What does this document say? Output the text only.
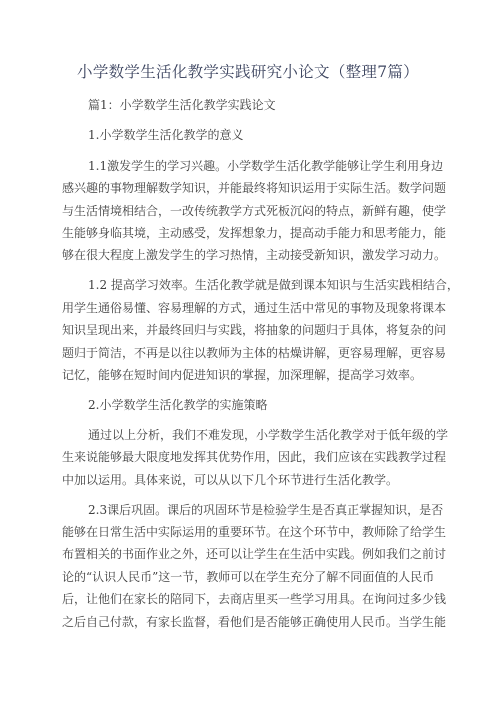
小学数学生活化教学实践研究小论文（整理7篇）
篇1：小学数学生活化教学实践论文
1.小学数学生活化教学的意义
1.1激发学生的学习兴趣。小学数学生活化教学能够让学生利用身边
感兴趣的事物理解数学知识，并能最终将知识运用于实际生活。数学问题
与生活情境相结合，一改传统教学方式死板沉闷的特点，新鲜有趣，使学
生能够身临其境，主动感受，发挥想象力，提高动手能力和思考能力，能
够在很大程度上激发学生的学习热情，主动接受新知识，激发学习动力。
1.2 提高学习效率。生活化教学就是做到课本知识与生活实践相结合，
用学生通俗易懂、容易理解的方式，通过生活中常见的事物及现象将课本
知识呈现出来，并最终回归与实践，将抽象的问题归于具体，将复杂的问
题归于简洁，不再是以往以教师为主体的枯燥讲解，更容易理解，更容易
记忆，能够在短时间内促进知识的掌握，加深理解，提高学习效率。
2.小学数学生活化教学的实施策略
通过以上分析，我们不难发现，小学数学生活化教学对于低年级的学
生来说能够最大限度地发挥其优势作用，因此，我们应该在实践教学过程
中加以运用。具体来说，可以从以下几个环节进行生活化教学。
2.3课后巩固。课后的巩固环节是检验学生是否真正掌握知识，是否
能够在日常生活中实际运用的重要环节。在这个环节中，教师除了给学生
布置相关的书面作业之外，还可以让学生在生活中实践。例如我们之前讨
论的“认识人民币”这一节，教师可以在学生充分了解不同面值的人民币
后，让他们在家长的陪同下，去商店里买一些学习用具。在询问过多少钱
之后自己付款，有家长监督，看他们是否能够正确使用人民币。当学生能
